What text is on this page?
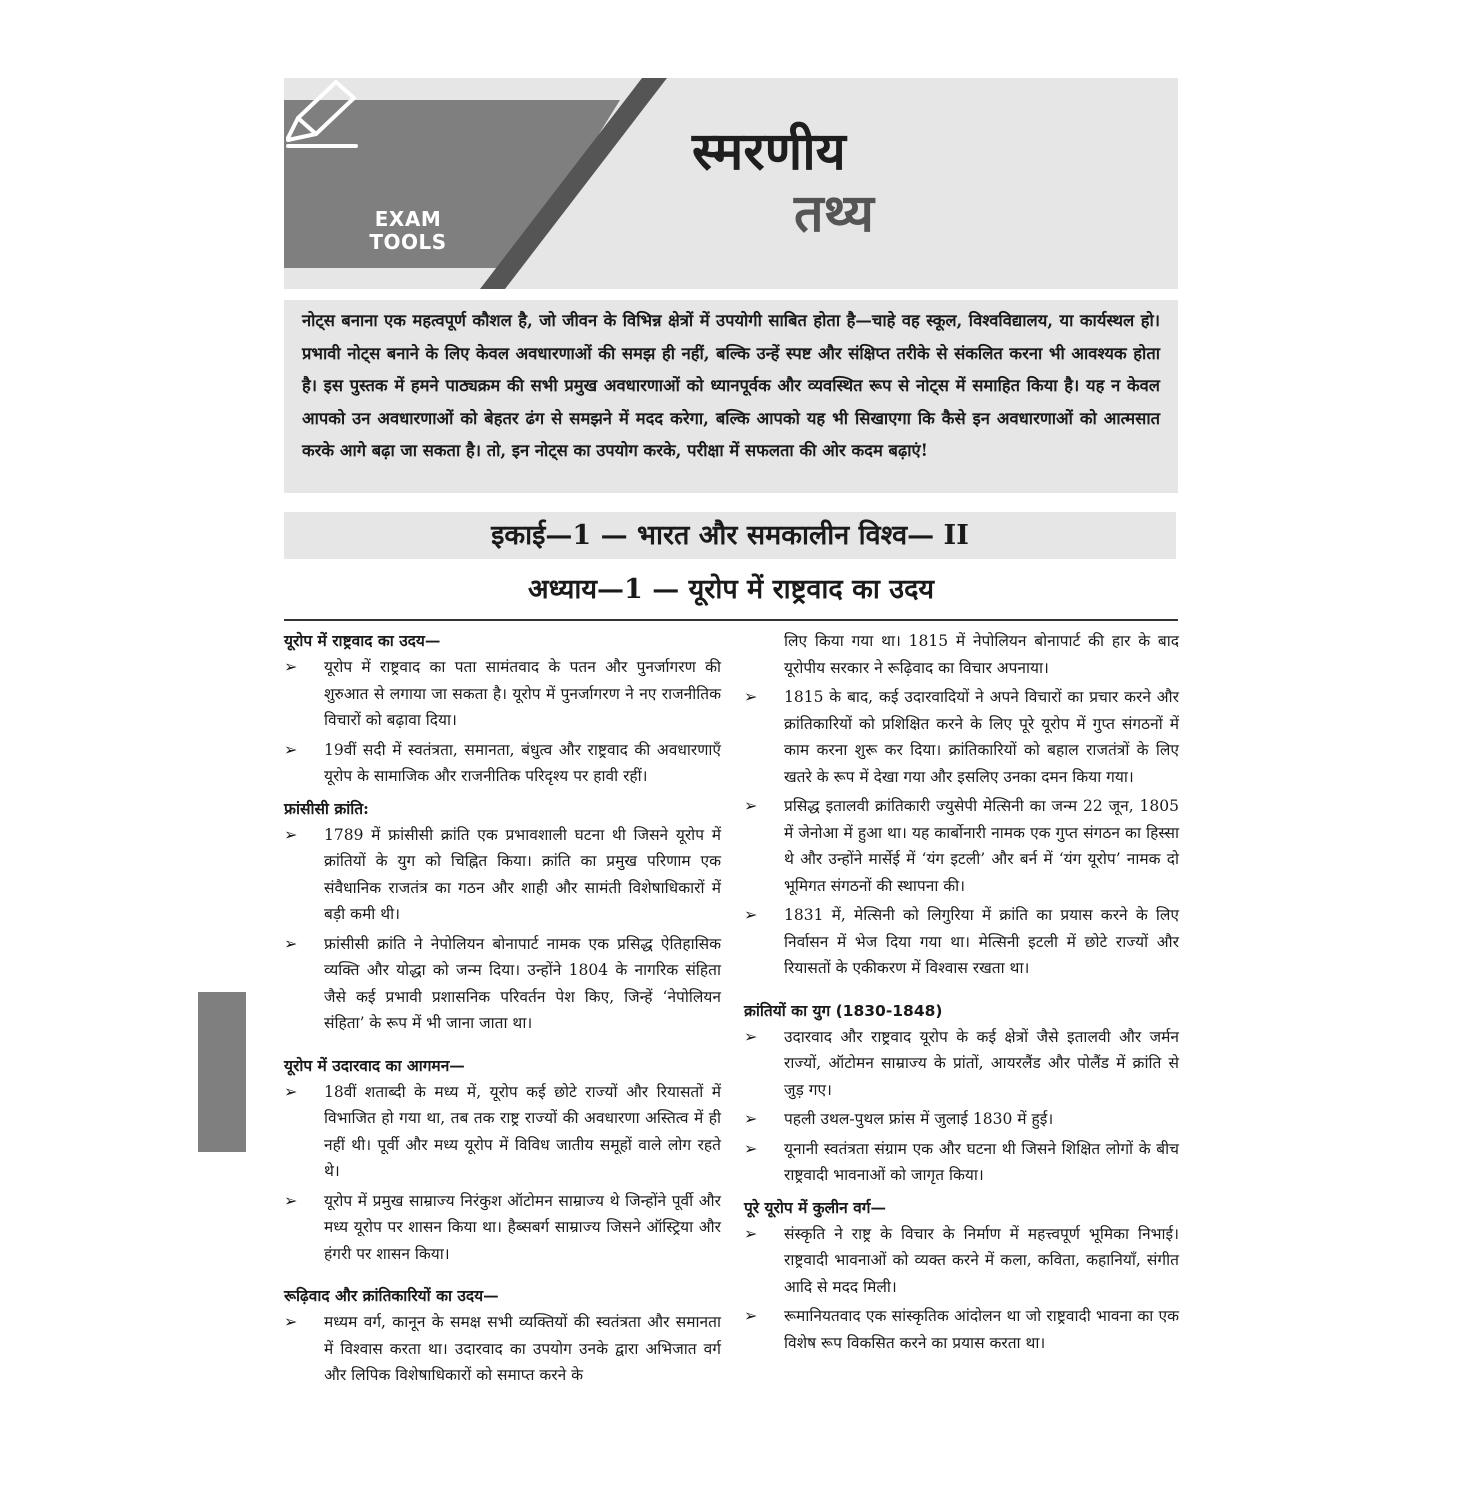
EXAM
TOOLS
स्मरणीय
तथ्य
नोट्स बनाना एक महत्वपूर्ण कौशल है, जो जीवन के विभिन्न क्षेत्रों में उपयोगी साबित होता है—चाहे वह स्कूल, विश्वविद्यालय, या कार्यस्थल हो। प्रभावी नोट्स बनाने के लिए केवल अवधारणाओं की समझ ही नहीं, बल्कि उन्हें स्पष्ट और संक्षिप्त तरीके से संकलित करना भी आवश्यक होता है। इस पुस्तक में हमने पाठ्यक्रम की सभी प्रमुख अवधारणाओं को ध्यानपूर्वक और व्यवस्थित रूप से नोट्स में समाहित किया है। यह न केवल आपको उन अवधारणाओं को बेहतर ढंग से समझने में मदद करेगा, बल्कि आपको यह भी सिखाएगा कि कैसे इन अवधारणाओं को आत्मसात करके आगे बढ़ा जा सकता है। तो, इन नोट्स का उपयोग करके, परीक्षा में सफलता की ओर कदम बढ़ाएं!
इकाई—1 — भारत और समकालीन विश्व— II
अध्याय—1 — यूरोप में राष्ट्रवाद का उदय

यूरोप में राष्ट्रवाद का उदय—

➢ यूरोप में राष्ट्रवाद का पता सामंतवाद के पतन और पुनर्जागरण की शुरुआत से लगाया जा सकता है। यूरोप में पुनर्जागरण ने नए राजनीतिक विचारों को बढ़ावा दिया।
➢ 19वीं सदी में स्वतंत्रता, समानता, बंधुत्व और राष्ट्रवाद की अवधारणाएँ यूरोप के सामाजिक और राजनीतिक परिदृश्य पर हावी रहीं।

फ्रांसीसी क्रांति:

➢ 1789 में फ्रांसीसी क्रांति एक प्रभावशाली घटना थी जिसने यूरोप में क्रांतियों के युग को चिह्नित किया। क्रांति का प्रमुख परिणाम एक संवैधानिक राजतंत्र का गठन और शाही और सामंती विशेषाधिकारों में बड़ी कमी थी।
➢ फ्रांसीसी क्रांति ने नेपोलियन बोनापार्ट नामक एक प्रसिद्ध ऐतिहासिक व्यक्ति और योद्धा को जन्म दिया। उन्होंने 1804 के नागरिक संहिता जैसे कई प्रभावी प्रशासनिक परिवर्तन पेश किए, जिन्हें ‘नेपोलियन संहिता’ के रूप में भी जाना जाता था।

यूरोप में उदारवाद का आगमन—

➢ 18वीं शताब्दी के मध्य में, यूरोप कई छोटे राज्यों और रियासतों में विभाजित हो गया था, तब तक राष्ट्र राज्यों की अवधारणा अस्तित्व में ही नहीं थी। पूर्वी और मध्य यूरोप में विविध जातीय समूहों वाले लोग रहते थे।
➢ यूरोप में प्रमुख साम्राज्य निरंकुश ऑटोमन साम्राज्य थे जिन्होंने पूर्वी और मध्य यूरोप पर शासन किया था। हैब्सबर्ग साम्राज्य जिसने ऑस्ट्रिया और हंगरी पर शासन किया।

रूढ़िवाद और क्रांतिकारियों का उदय—

➢ मध्यम वर्ग, कानून के समक्ष सभी व्यक्तियों की स्वतंत्रता और समानता में विश्वास करता था। उदारवाद का उपयोग उनके द्वारा अभिजात वर्ग और लिपिक विशेषाधिकारों को समाप्त करने के

लिए किया गया था। 1815 में नेपोलियन बोनापार्ट की हार के बाद यूरोपीय सरकार ने रूढ़िवाद का विचार अपनाया।

➢ 1815 के बाद, कई उदारवादियों ने अपने विचारों का प्रचार करने और क्रांतिकारियों को प्रशिक्षित करने के लिए पूरे यूरोप में गुप्त संगठनों में काम करना शुरू कर दिया। क्रांतिकारियों को बहाल राजतंत्रों के लिए खतरे के रूप में देखा गया और इसलिए उनका दमन किया गया।
➢ प्रसिद्ध इतालवी क्रांतिकारी ज्युसेपी मेत्सिनी का जन्म 22 जून, 1805 में जेनोआ में हुआ था। यह कार्बोनारी नामक एक गुप्त संगठन का हिस्सा थे और उन्होंने मार्सेई में ‘यंग इटली’ और बर्न में ‘यंग यूरोप’ नामक दो भूमिगत संगठनों की स्थापना की।
➢ 1831 में, मेत्सिनी को लिगुरिया में क्रांति का प्रयास करने के लिए निर्वासन में भेज दिया गया था। मेत्सिनी इटली में छोटे राज्यों और रियासतों के एकीकरण में विश्वास रखता था।

क्रांतियों का युग (1830-1848)

➢ उदारवाद और राष्ट्रवाद यूरोप के कई क्षेत्रों जैसे इतालवी और जर्मन राज्यों, ऑटोमन साम्राज्य के प्रांतों, आयरलैंड और पोलैंड में क्रांति से जुड़ गए।
➢ पहली उथल-पुथल फ्रांस में जुलाई 1830 में हुई।
➢ यूनानी स्वतंत्रता संग्राम एक और घटना थी जिसने शिक्षित लोगों के बीच राष्ट्रवादी भावनाओं को जागृत किया।

पूरे यूरोप में कुलीन वर्ग—

➢ संस्कृति ने राष्ट्र के विचार के निर्माण में महत्त्वपूर्ण भूमिका निभाई। राष्ट्रवादी भावनाओं को व्यक्त करने में कला, कविता, कहानियाँ, संगीत आदि से मदद मिली।
➢ रूमानियतवाद एक सांस्कृतिक आंदोलन था जो राष्ट्रवादी भावना का एक विशेष रूप विकसित करने का प्रयास करता था।
